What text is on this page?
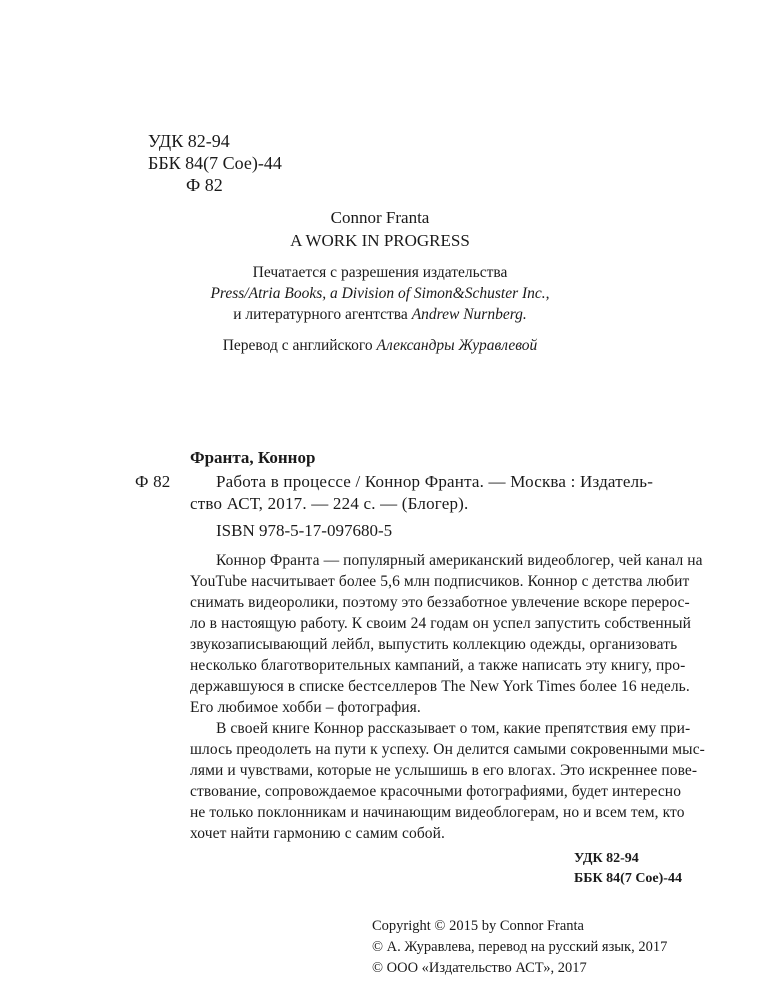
УДК 82-94
ББК 84(7 Сое)-44
Ф 82
Connor Franta
A WORK IN PROGRESS
Печатается с разрешения издательства
Press/Atria Books, a Division of Simon&Schuster Inc.,
и литературного агентства Andrew Nurnberg.
Перевод с английского Александры Журавлевой
Франта, Коннор
Ф 82	Работа в процессе / Коннор Франта. — Москва : Издатель-
ство АСТ, 2017. — 224 с. — (Блогер).
ISBN 978-5-17-097680-5
Коннор Франта — популярный американский видеоблогер, чей канал на
YouTube насчитывает более 5,6 млн подписчиков. Коннор с детства любит
снимать видеоролики, поэтому это беззаботное увлечение вскоре перерос-
ло в настоящую работу. К своим 24 годам он успел запустить собственный
звукозаписывающий лейбл, выпустить коллекцию одежды, организовать
несколько благотворительных кампаний, а также написать эту книгу, про-
державшуюся в списке бестселлеров The New York Times более 16 недель.
Его любимое хобби – фотография.
В своей книге Коннор рассказывает о том, какие препятствия ему при-
шлось преодолеть на пути к успеху. Он делится самыми сокровенными мыс-
лями и чувствами, которые не услышишь в его влогах. Это искреннее пове-
ствование, сопровождаемое красочными фотографиями, будет интересно
не только поклонникам и начинающим видеоблогерам, но и всем тем, кто
хочет найти гармонию с самим собой.
УДК 82-94
ББК 84(7 Сое)-44
Copyright © 2015 by Connor Franta
© А. Журавлева, перевод на русский язык, 2017
© ООО «Издательство АСТ», 2017
